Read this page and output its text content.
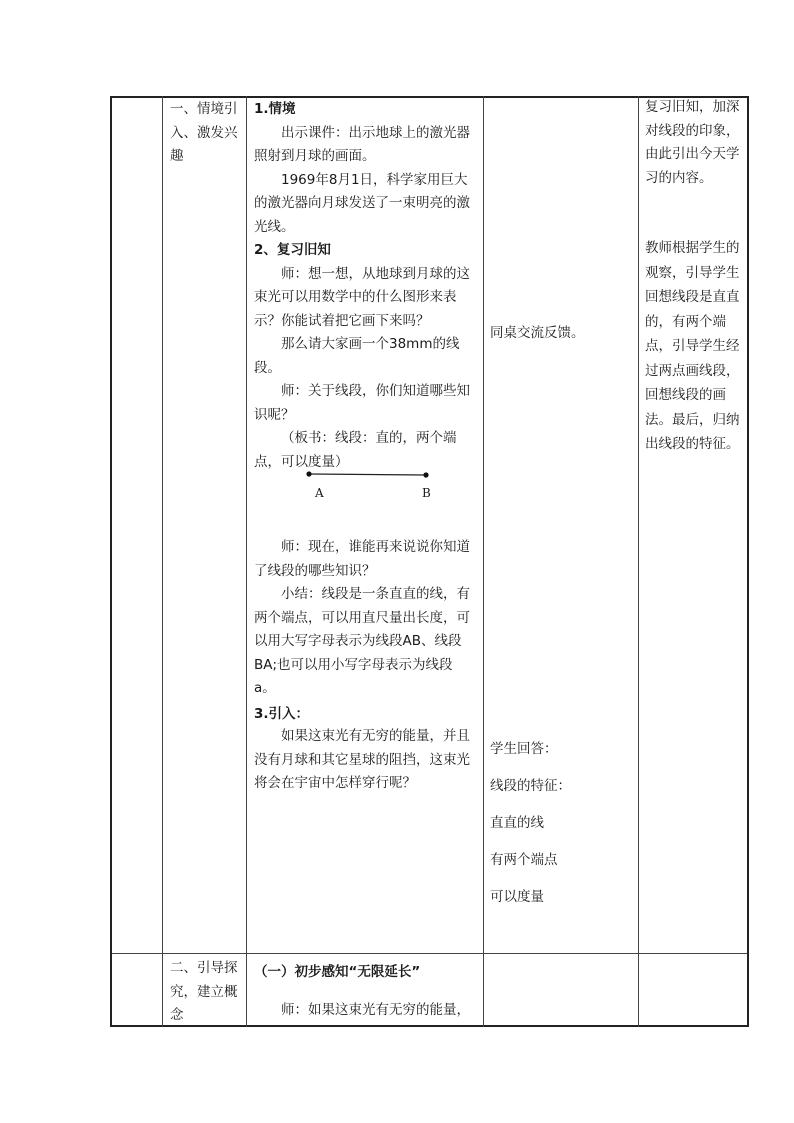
一、情境引入、激发兴趣

1.情境

出示课件：出示地球上的激光器照射到月球的画面。

1969年8月1日，科学家用巨大的激光器向月球发送了一束明亮的激光线。

2、复习旧知

师：想一想，从地球到月球的这束光可以用数学中的什么图形来表示？你能试着把它画下来吗？

那么请大家画一个38mm的线段。

师：关于线段，你们知道哪些知识呢？

（板书：线段：直的，两个端点，可以度量）

A	B

师：现在，谁能再来说说你知道了线段的哪些知识？

小结：线段是一条直直的线，有两个端点，可以用直尺量出长度，可以用大写字母表示为线段AB、线段BA;也可以用小写字母表示为线段 a。

3.引入：

如果这束光有无穷的能量，并且没有月球和其它星球的阻挡，这束光将会在宇宙中怎样穿行呢？

同桌交流反馈。

学生回答：

线段的特征：

直直的线

有两个端点

可以度量

复习旧知，加深对线段的印象，由此引出今天学习的内容。

教师根据学生的观察，引导学生回想线段是直直的，有两个端点，引导学生经过两点画线段，回想线段的画法。最后，归纳出线段的特征。

二、引导探究，建立概念

（一）初步感知“无限延长”

师：如果这束光有无穷的能量，
